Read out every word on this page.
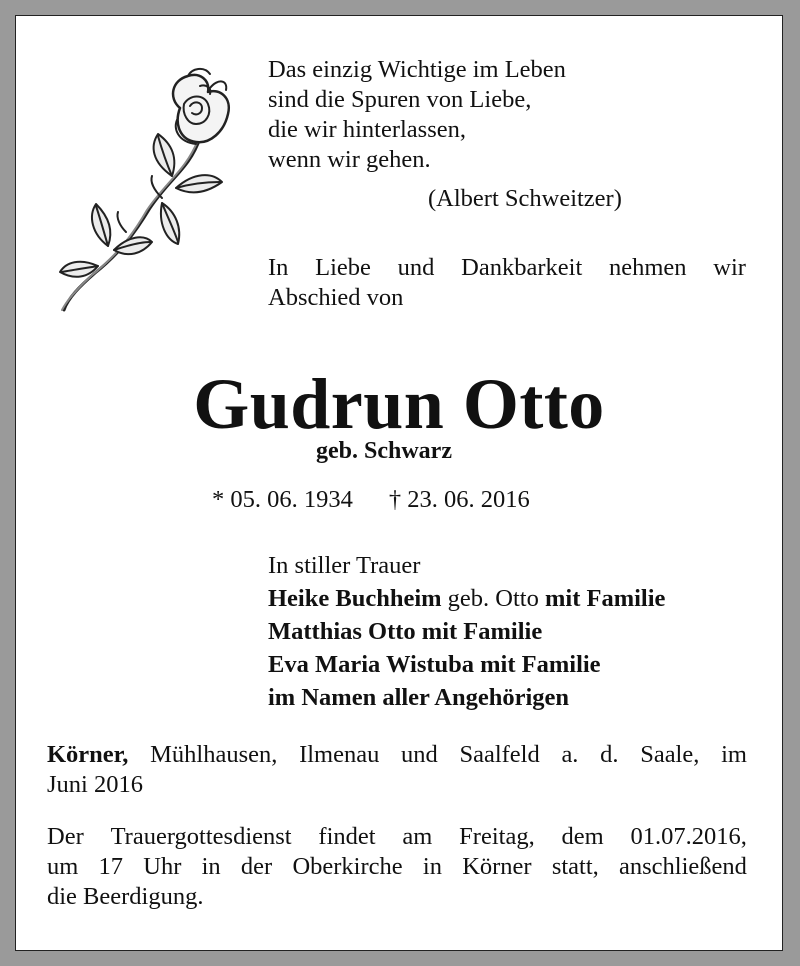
Das einzig Wichtige im Leben
sind die Spuren von Liebe,
die wir hinterlassen,
wenn wir gehen.
(Albert Schweitzer)
In Liebe und Dankbarkeit nehmen wir
Abschied von
Gudrun Otto
geb. Schwarz
* 05. 06. 1934 † 23. 06. 2016
In stiller Trauer
Heike Buchheim geb. Otto mit Familie
Matthias Otto mit Familie
Eva Maria Wistuba mit Familie
im Namen aller Angehörigen
Körner, Mühlhausen, Ilmenau und Saalfeld a. d. Saale, im
Juni 2016
Der Trauergottesdienst findet am Freitag, dem 01.07.2016,
um 17 Uhr in der Oberkirche in Körner statt, anschließend
die Beerdigung.
